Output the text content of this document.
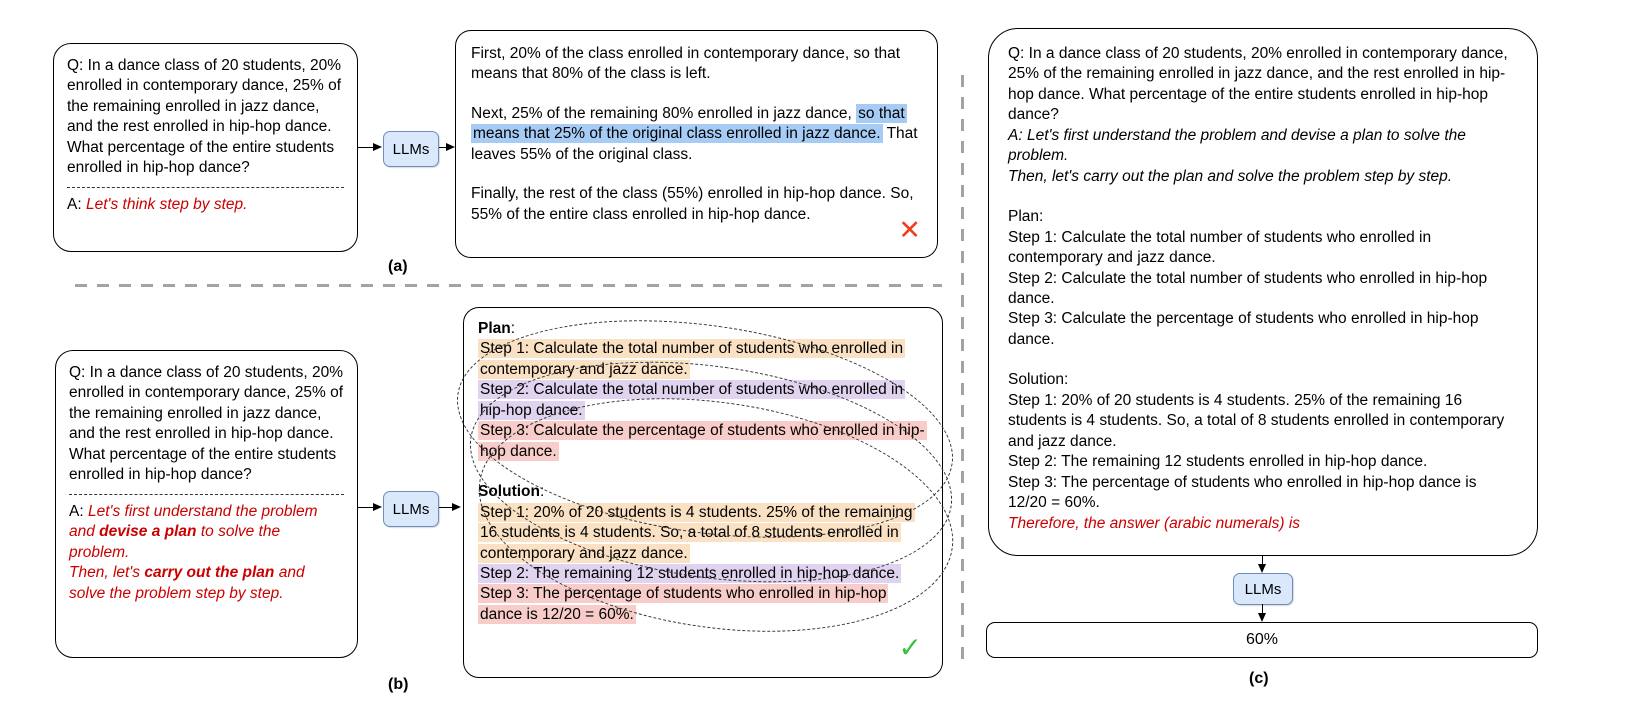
Q: In a dance class of 20 students, 20% enrolled in contemporary dance, 25% of the remaining enrolled in jazz dance, and the rest enrolled in hip-hop dance. What percentage of the entire students enrolled in hip-hop dance?
A: Let's think step by step.
LLMs

First, 20% of the class enrolled in contemporary dance, so that means that 80% of the class is left.

Next, 25% of the remaining 80% enrolled in jazz dance, so that means that 25% of the original class enrolled in jazz dance. That leaves 55% of the original class.

Finally, the rest of the class (55%) enrolled in hip-hop dance. So, 55% of the entire class enrolled in hip-hop dance.

✕
(a)
Q: In a dance class of 20 students, 20% enrolled in contemporary dance, 25% of the remaining enrolled in jazz dance, and the rest enrolled in hip-hop dance. What percentage of the entire students enrolled in hip-hop dance?
A: Let's first understand the problem and devise a plan to solve the problem.
Then, let's carry out the plan and solve the problem step by step.
LLMs
Plan:
Step 1: Calculate the total number of students who enrolled in contemporary and jazz dance.
Step 2: Calculate the total number of students who enrolled in hip-hop dance.
Step 3: Calculate the percentage of students who enrolled in hip-hop dance.
Solution:
Step 1: 20% of 20 students is 4 students. 25% of the remaining 16 students is 4 students. So, a total of 8 students enrolled in contemporary and jazz dance.
Step 2: The remaining 12 students enrolled in hip-hop dance.
Step 3: The percentage of students who enrolled in hip-hop dance is 12/20 = 60%.
✓
(b)
Q: In a dance class of 20 students, 20% enrolled in contemporary dance, 25% of the remaining enrolled in jazz dance, and the rest enrolled in hip-hop dance. What percentage of the entire students enrolled in hip-hop dance?
A: Let's first understand the problem and devise a plan to solve the problem.
Then, let's carry out the plan and solve the problem step by step.
Plan:
Step 1: Calculate the total number of students who enrolled in contemporary and jazz dance.
Step 2: Calculate the total number of students who enrolled in hip-hop dance.
Step 3: Calculate the percentage of students who enrolled in hip-hop dance.
Solution:
Step 1: 20% of 20 students is 4 students. 25% of the remaining 16 students is 4 students. So, a total of 8 students enrolled in contemporary and jazz dance.
Step 2: The remaining 12 students enrolled in hip-hop dance.
Step 3: The percentage of students who enrolled in hip-hop dance is 12/20 = 60%.
Therefore, the answer (arabic numerals) is
LLMs
60%
(c)
